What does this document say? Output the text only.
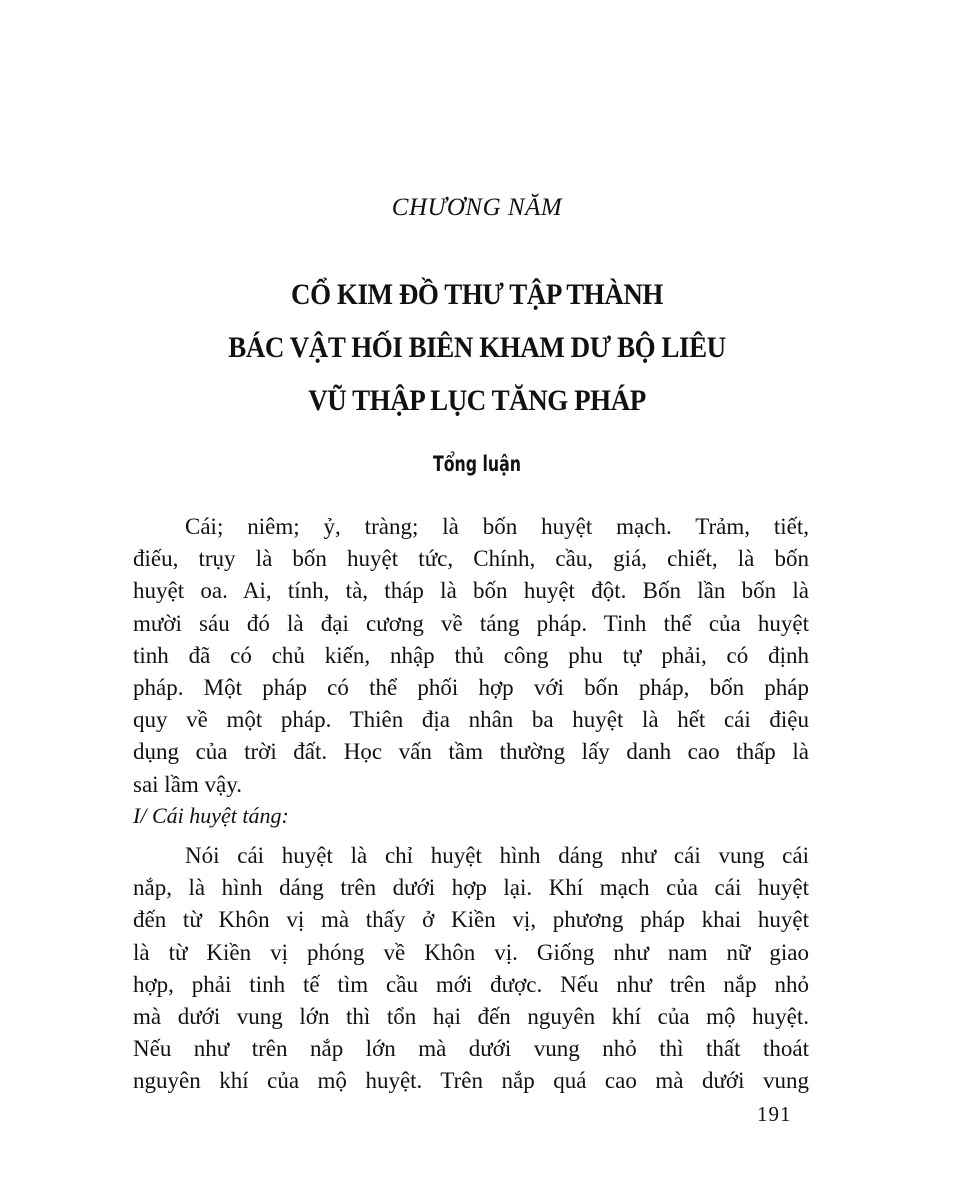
CHƯƠNG NĂM
CỔ KIM ĐỒ THƯ TẬP THÀNH
BÁC VẬT HỐI BIÊN KHAM DƯ BỘ LIÊU
VŨ THẬP LỤC TĂNG PHÁP
Tổng luận
Cái; niêm; ỷ, tràng; là bốn huyệt mạch. Trảm, tiết,
điếu, trụy là bốn huyệt tức, Chính, cầu, giá, chiết, là bốn
huyệt oa. Ai, tính, tà, tháp là bốn huyệt đột. Bốn lần bốn là
mười sáu đó là đại cương về táng pháp. Tinh thể của huyệt
tinh đã có chủ kiến, nhập thủ công phu tự phải, có định
pháp. Một pháp có thể phối hợp với bốn pháp, bốn pháp
quy về một pháp. Thiên địa nhân ba huyệt là hết cái điệu
dụng của trời đất. Học vấn tầm thường lấy danh cao thấp là
sai lầm vậy.
I/ Cái huyệt táng:
Nói cái huyệt là chỉ huyệt hình dáng như cái vung cái
nắp, là hình dáng trên dưới hợp lại. Khí mạch của cái huyệt
đến từ Khôn vị mà thấy ở Kiền vị, phương pháp khai huyệt
là từ Kiền vị phóng về Khôn vị. Giống như nam nữ giao
hợp, phải tinh tế tìm cầu mới được. Nếu như trên nắp nhỏ
mà dưới vung lớn thì tổn hại đến nguyên khí của mộ huyệt.
Nếu như trên nắp lớn mà dưới vung nhỏ thì thất thoát
nguyên khí của mộ huyệt. Trên nắp quá cao mà dưới vung
191
